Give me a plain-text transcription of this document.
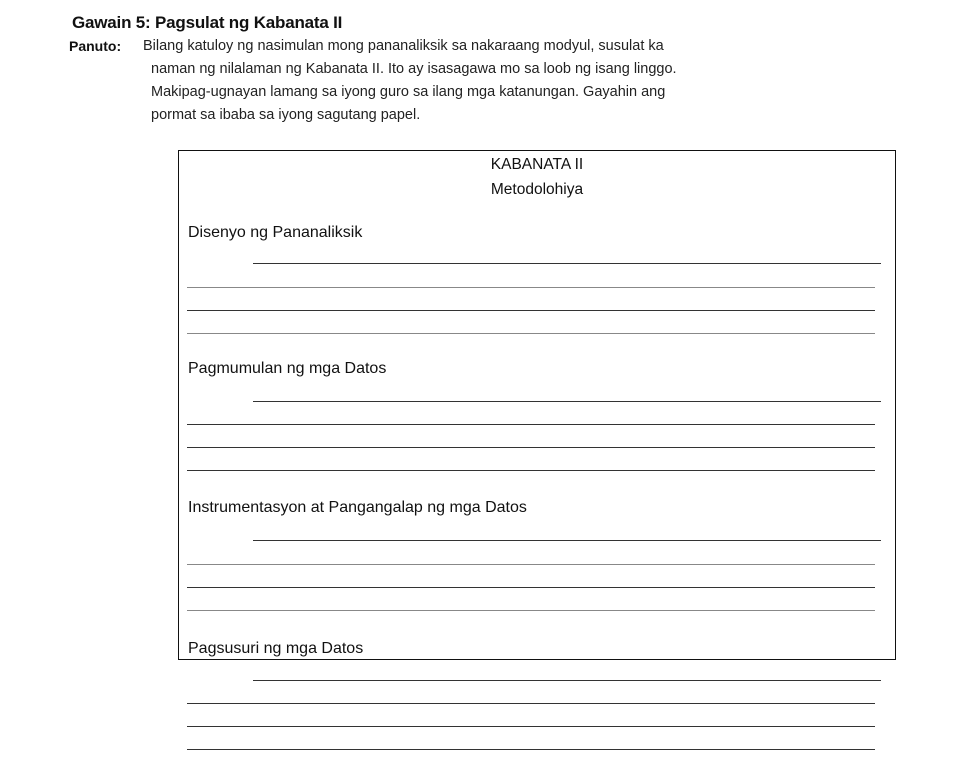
Gawain 5: Pagsulat ng Kabanata II
Panuto: Bilang katuloy ng nasimulan mong pananaliksik sa nakaraang modyul, susulat ka
naman ng nilalaman ng Kabanata II. Ito ay isasagawa mo sa loob ng isang linggo.
Makipag-ugnayan lamang sa iyong guro sa ilang mga katanungan. Gayahin ang
pormat sa ibaba sa iyong sagutang papel.
KABANATA II
Metodolohiya
Disenyo ng Pananaliksik
Pagmumulan ng mga Datos
Instrumentasyon at Pangangalap ng mga Datos
Pagsusuri ng mga Datos
